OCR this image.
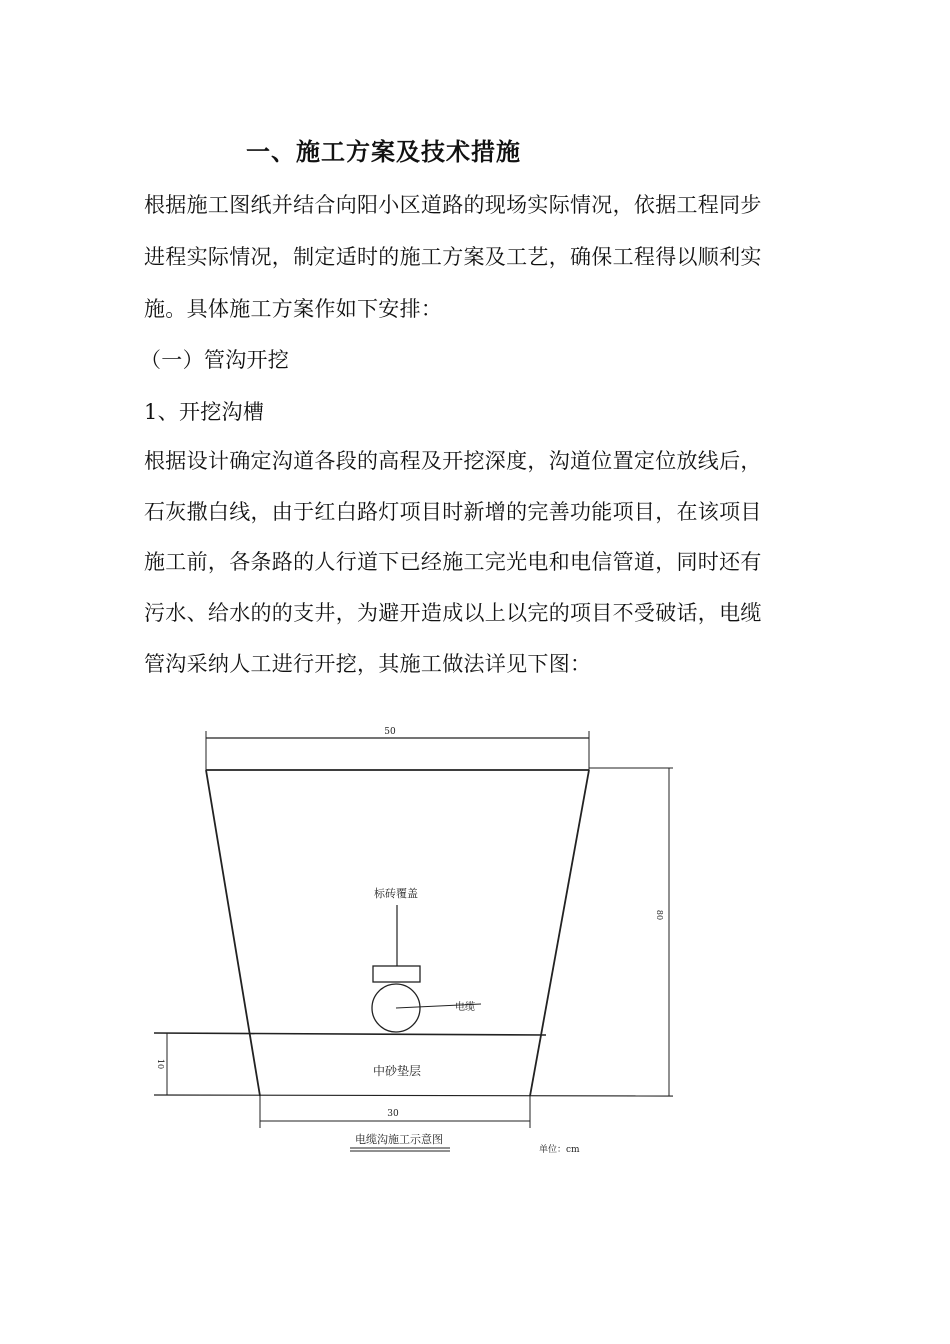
一、施工方案及技术措施
根据施工图纸并结合向阳小区道路的现场实际情况，依据工程同步
进程实际情况，制定适时的施工方案及工艺，确保工程得以顺利实
施。具体施工方案作如下安排：
（一）管沟开挖
1、开挖沟槽
根据设计确定沟道各段的高程及开挖深度，沟道位置定位放线后，
石灰撒白线，由于红白路灯项目时新增的完善功能项目，在该项目
施工前，各条路的人行道下已经施工完光电和电信管道，同时还有
污水、给水的的支井，为避开造成以上以完的项目不受破话，电缆
管沟采纳人工进行开挖，其施工做法详见下图：
50
10
80
标砖覆盖
电缆
中砂垫层
30
电缆沟施工示意图
单位：cm
